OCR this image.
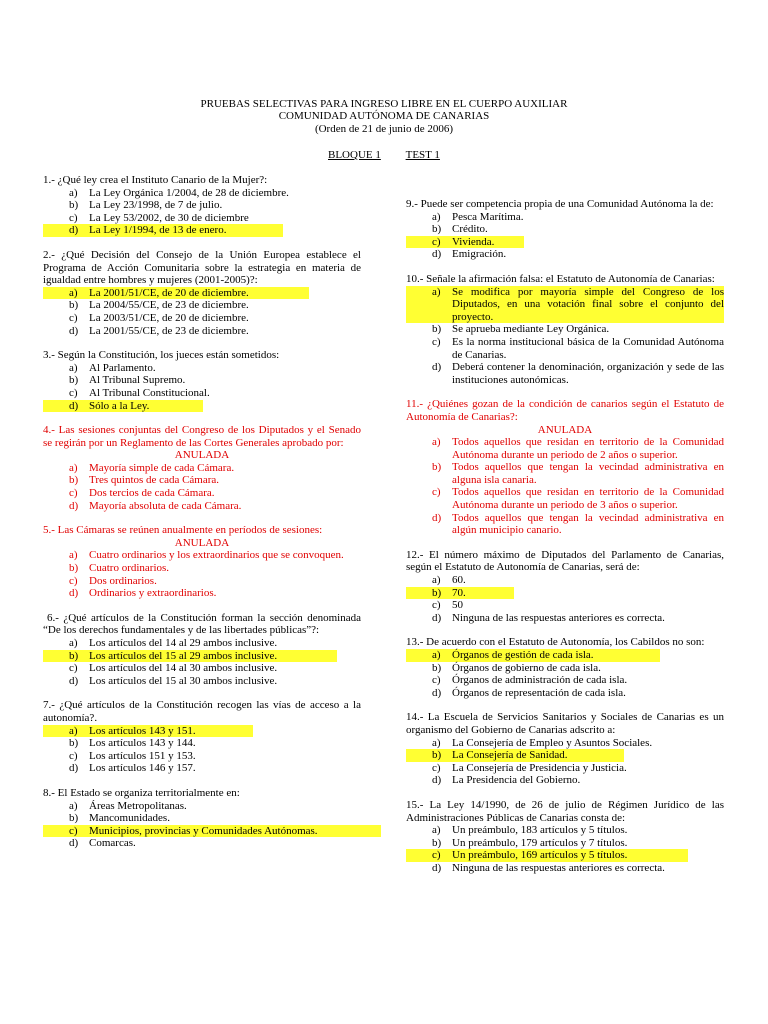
PRUEBAS SELECTIVAS PARA INGRESO LIBRE EN EL CUERPO AUXILIAR
COMUNIDAD AUTÓNOMA DE CANARIAS
(Orden de 21 de junio de 2006)
BLOQUE 1 TEST 1
1.- ¿Qué ley crea el Instituto Canario de la Mujer?:
a) La Ley Orgánica 1/2004, de 28 de diciembre.
b) La Ley 23/1998, de 7 de julio.
c) La Ley 53/2002, de 30 de diciembre
d) La Ley 1/1994, de 13 de enero.
2.- ¿Qué Decisión del Consejo de la Unión Europea establece el Programa de Acción Comunitaria sobre la estrategia en materia de igualdad entre hombres y mujeres (2001-2005)?:
a) La 2001/51/CE, de 20 de diciembre.
b) La 2004/55/CE, de 23 de diciembre.
c) La 2003/51/CE, de 20 de diciembre.
d) La 2001/55/CE, de 23 de diciembre.
3.- Según la Constitución, los jueces están sometidos:
a) Al Parlamento.
b) Al Tribunal Supremo.
c) Al Tribunal Constitucional.
d) Sólo a la Ley.
4.- Las sesiones conjuntas del Congreso de los Diputados y el Senado se regirán por un Reglamento de las Cortes Generales aprobado por:
ANULADA
a) Mayoría simple de cada Cámara.
b) Tres quintos de cada Cámara.
c) Dos tercios de cada Cámara.
d) Mayoría absoluta de cada Cámara.
5.- Las Cámaras se reúnen anualmente en períodos de sesiones:
ANULADA
a) Cuatro ordinarios y los extraordinarios que se convoquen.
b) Cuatro ordinarios.
c) Dos ordinarios.
d) Ordinarios y extraordinarios.
6.- ¿Qué artículos de la Constitución forman la sección denominada “De los derechos fundamentales y de las libertades públicas”?:
a) Los artículos del 14 al 29 ambos inclusive.
b) Los artículos del 15 al 29 ambos inclusive.
c) Los artículos del 14 al 30 ambos inclusive.
d) Los artículos del 15 al 30 ambos inclusive.
7.- ¿Qué artículos de la Constitución recogen las vías de acceso a la autonomía?.
a) Los artículos 143 y 151.
b) Los artículos 143 y 144.
c) Los artículos 151 y 153.
d) Los artículos 146 y 157.
8.- El Estado se organiza territorialmente en:
a) Áreas Metropolitanas.
b) Mancomunidades.
c) Municipios, provincias y Comunidades Autónomas.
d) Comarcas.
9.- Puede ser competencia propia de una Comunidad Autónoma la de:
a) Pesca Marítima.
b) Crédito.
c) Vivienda.
d) Emigración.
10.- Señale la afirmación falsa: el Estatuto de Autonomía de Canarias:
a) Se modifica por mayoría simple del Congreso de los Diputados, en una votación final sobre el conjunto del proyecto.
b) Se aprueba mediante Ley Orgánica.
c) Es la norma institucional básica de la Comunidad Autónoma de Canarias.
d) Deberá contener la denominación, organización y sede de las instituciones autonómicas.
11.- ¿Quiénes gozan de la condición de canarios según el Estatuto de Autonomía de Canarias?:
ANULADA
a) Todos aquellos que residan en territorio de la Comunidad Autónoma durante un periodo de 2 años o superior.
b) Todos aquellos que tengan la vecindad administrativa en alguna isla canaria.
c) Todos aquellos que residan en territorio de la Comunidad Autónoma durante un periodo de 3 años o superior.
d) Todos aquellos que tengan la vecindad administrativa en algún municipio canario.
12.- El número máximo de Diputados del Parlamento de Canarias, según el Estatuto de Autonomía de Canarias, será de:
a) 60.
b) 70.
c) 50
d) Ninguna de las respuestas anteriores es correcta.
13.- De acuerdo con el Estatuto de Autonomía, los Cabildos no son:
a) Órganos de gestión de cada isla.
b) Órganos de gobierno de cada isla.
c) Órganos de administración de cada isla.
d) Órganos de representación de cada isla.
14.- La Escuela de Servicios Sanitarios y Sociales de Canarias es un organismo del Gobierno de Canarias adscrito a:
a) La Consejería de Empleo y Asuntos Sociales.
b) La Consejería de Sanidad.
c) La Consejería de Presidencia y Justicia.
d) La Presidencia del Gobierno.
15.- La Ley 14/1990, de 26 de julio de Régimen Jurídico de las Administraciones Públicas de Canarias consta de:
a) Un preámbulo, 183 artículos y 5 títulos.
b) Un preámbulo, 179 artículos y 7 títulos.
c) Un preámbulo, 169 artículos y 5 títulos.
d) Ninguna de las respuestas anteriores es correcta.
